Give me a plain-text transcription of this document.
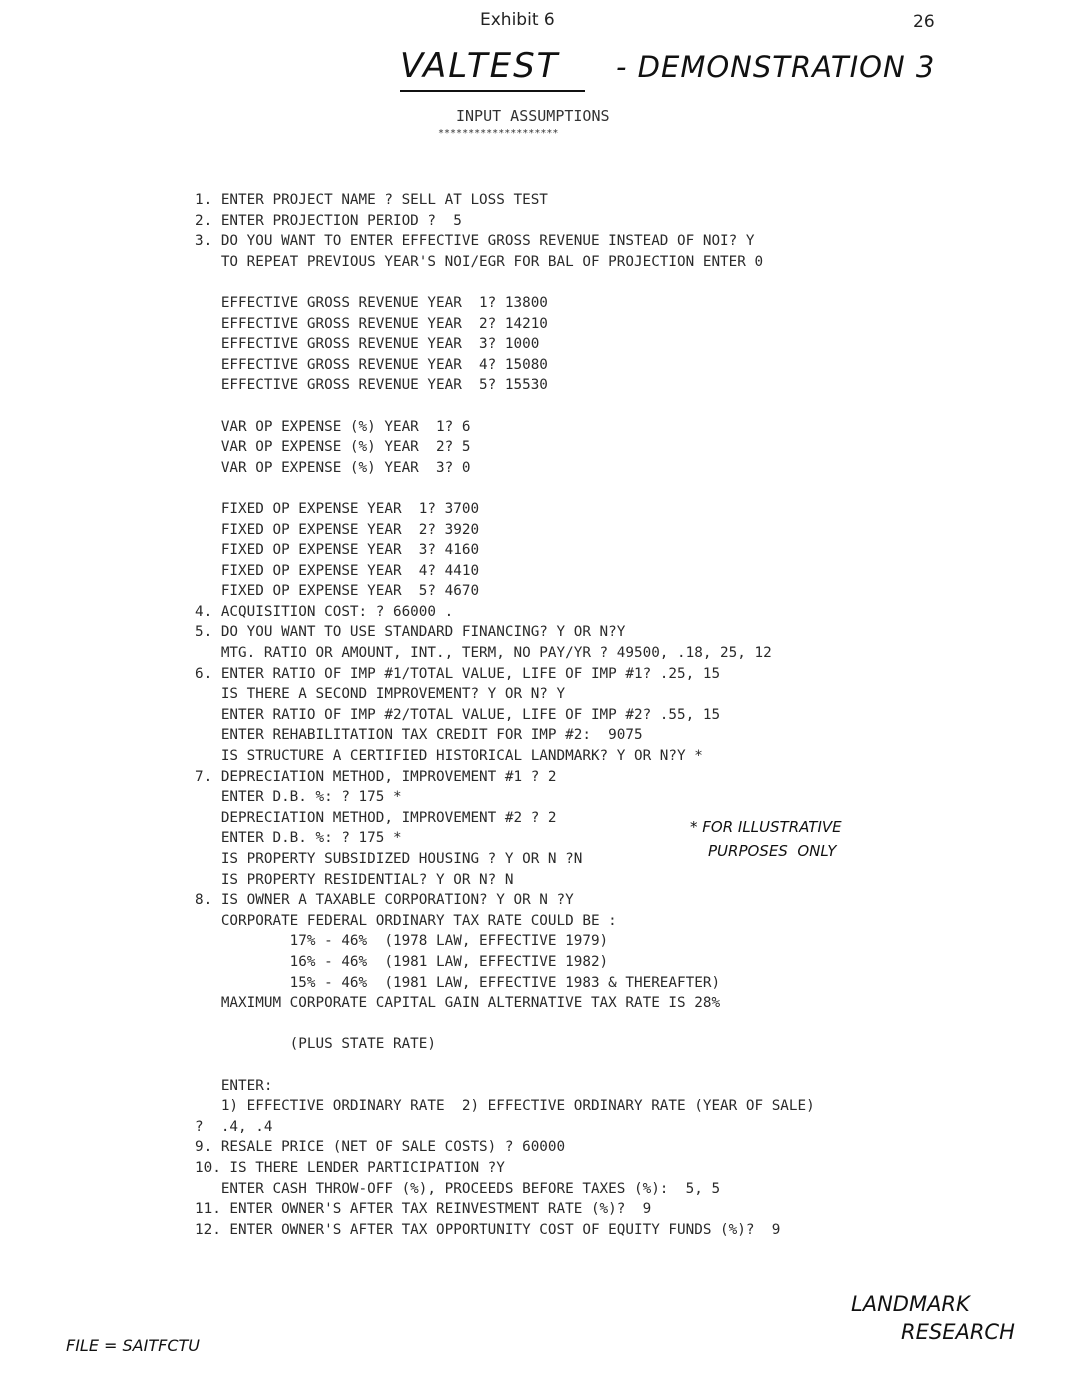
Exhibit 6	26
VALTEST - DEMONSTRATION 3
INPUT ASSUMPTIONS
********************
1. ENTER PROJECT NAME ? SELL AT LOSS TEST
2. ENTER PROJECTION PERIOD ?  5
3. DO YOU WANT TO ENTER EFFECTIVE GROSS REVENUE INSTEAD OF NOI? Y
TO REPEAT PREVIOUS YEAR'S NOI/EGR FOR BAL OF PROJECTION ENTER 0
EFFECTIVE GROSS REVENUE YEAR  1? 13800
EFFECTIVE GROSS REVENUE YEAR  2? 14210
EFFECTIVE GROSS REVENUE YEAR  3? 1000
EFFECTIVE GROSS REVENUE YEAR  4? 15080
EFFECTIVE GROSS REVENUE YEAR  5? 15530
VAR OP EXPENSE (%) YEAR  1? 6
VAR OP EXPENSE (%) YEAR  2? 5
VAR OP EXPENSE (%) YEAR  3? 0
FIXED OP EXPENSE YEAR  1? 3700
FIXED OP EXPENSE YEAR  2? 3920
FIXED OP EXPENSE YEAR  3? 4160
FIXED OP EXPENSE YEAR  4? 4410
FIXED OP EXPENSE YEAR  5? 4670
4. ACQUISITION COST: ? 66000 .
5. DO YOU WANT TO USE STANDARD FINANCING? Y OR N?Y
MTG. RATIO OR AMOUNT, INT., TERM, NO PAY/YR ? 49500, .18, 25, 12
6. ENTER RATIO OF IMP #1/TOTAL VALUE, LIFE OF IMP #1? .25, 15
IS THERE A SECOND IMPROVEMENT? Y OR N? Y
ENTER RATIO OF IMP #2/TOTAL VALUE, LIFE OF IMP #2? .55, 15
ENTER REHABILITATION TAX CREDIT FOR IMP #2:  9075
IS STRUCTURE A CERTIFIED HISTORICAL LANDMARK? Y OR N?Y *
7. DEPRECIATION METHOD, IMPROVEMENT #1 ? 2
ENTER D.B. %: ? 175 *
DEPRECIATION METHOD, IMPROVEMENT #2 ? 2
ENTER D.B. %: ? 175 *
IS PROPERTY SUBSIDIZED HOUSING ? Y OR N ?N
IS PROPERTY RESIDENTIAL? Y OR N? N
8. IS OWNER A TAXABLE CORPORATION? Y OR N ?Y
CORPORATE FEDERAL ORDINARY TAX RATE COULD BE :
17% - 46%  (1978 LAW, EFFECTIVE 1979)
16% - 46%  (1981 LAW, EFFECTIVE 1982)
15% - 46%  (1981 LAW, EFFECTIVE 1983 & THEREAFTER)
MAXIMUM CORPORATE CAPITAL GAIN ALTERNATIVE TAX RATE IS 28%
(PLUS STATE RATE)
ENTER:
1) EFFECTIVE ORDINARY RATE  2) EFFECTIVE ORDINARY RATE (YEAR OF SALE)
?  .4, .4
9. RESALE PRICE (NET OF SALE COSTS) ? 60000
10. IS THERE LENDER PARTICIPATION ?Y
ENTER CASH THROW-OFF (%), PROCEEDS BEFORE TAXES (%):  5, 5
11. ENTER OWNER'S AFTER TAX REINVESTMENT RATE (%)?  9
12. ENTER OWNER'S AFTER TAX OPPORTUNITY COST OF EQUITY FUNDS (%)?  9
* FOR ILLUSTRATIVE
PURPOSES  ONLY
LANDMARK
RESEARCH
FILE = SAITFCTU
